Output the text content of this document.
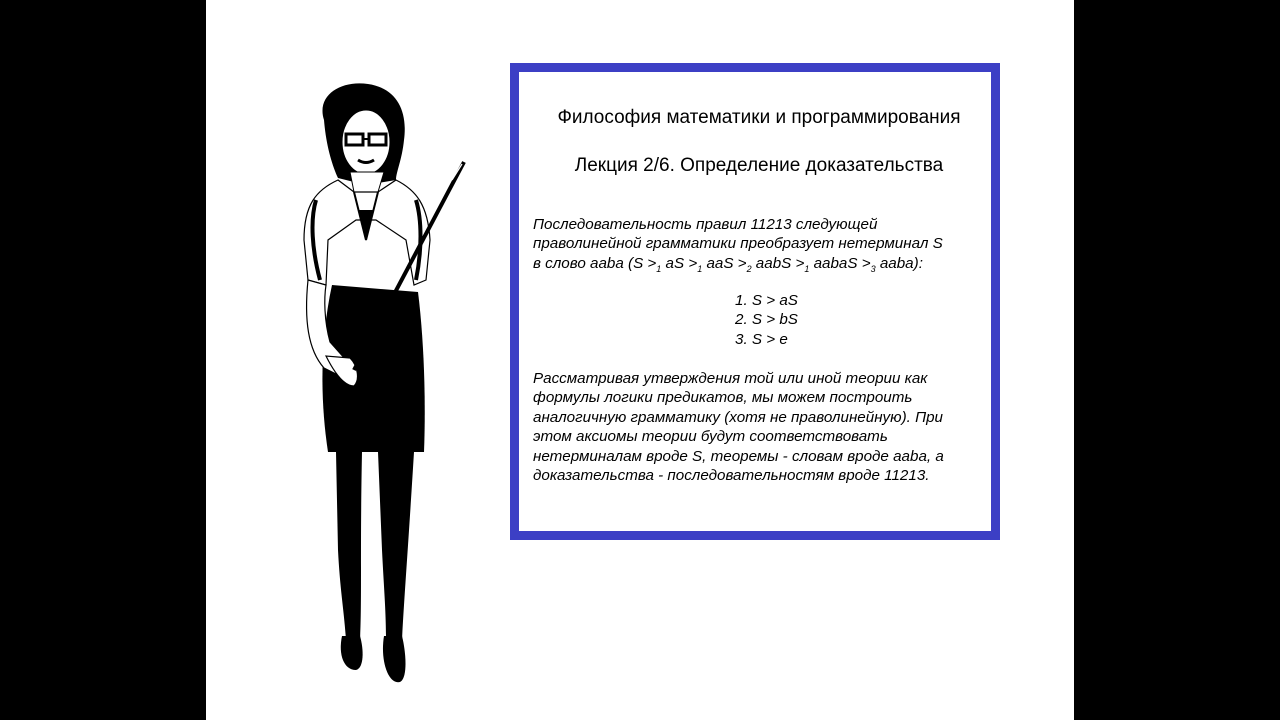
Философия математики и программирования
Лекция 2/6. Определение доказательства
Последовательность правил 11213 следующей
праволинейной грамматики преобразует нетерминал S
в слово aaba ($S >_1$ aS $>_1$ aaS $>_2$ aabS $>_1$ aabaS $>_3$ aaba):
1. S > aS
2. S > bS
3. S > e
Рассматривая утверждения той или иной теории как
формулы логики предикатов, мы можем построить
аналогичную грамматику (хотя не праволинейную). При
этом аксиомы теории будут соответствовать
нетерминалам вроде S, теоремы - словам вроде aaba, а
доказательства - последовательностям вроде 11213.
